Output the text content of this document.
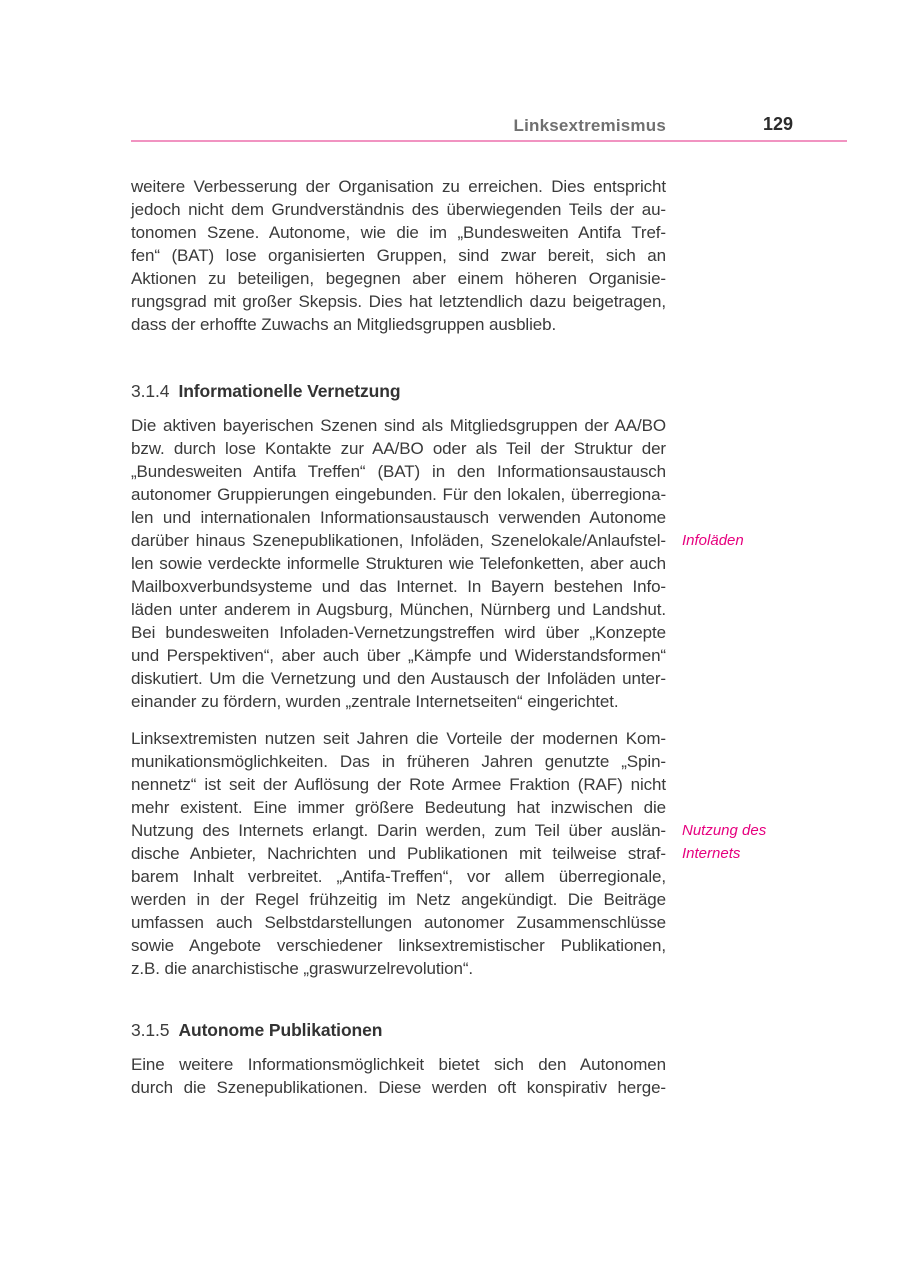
Linksextremismus	129
weitere Verbesserung der Organisation zu erreichen. Dies entspricht
jedoch nicht dem Grundverständnis des überwiegenden Teils der au-
tonomen Szene. Autonome, wie die im „Bundesweiten Antifa Tref-
fen“ (BAT) lose organisierten Gruppen, sind zwar bereit, sich an
Aktionen zu beteiligen, begegnen aber einem höheren Organisie-
rungsgrad mit großer Skepsis. Dies hat letztendlich dazu beigetragen,
dass der erhoffte Zuwachs an Mitgliedsgruppen ausblieb.
3.1.4 Informationelle Vernetzung
Die aktiven bayerischen Szenen sind als Mitgliedsgruppen der AA/BO
bzw. durch lose Kontakte zur AA/BO oder als Teil der Struktur der
„Bundesweiten Antifa Treffen“ (BAT) in den Informationsaustausch
autonomer Gruppierungen eingebunden. Für den lokalen, überregiona-
len und internationalen Informationsaustausch verwenden Autonome
darüber hinaus Szenepublikationen, Infoläden, Szenelokale/Anlaufstel-
len sowie verdeckte informelle Strukturen wie Telefonketten, aber auch
Mailboxverbundsysteme und das Internet. In Bayern bestehen Info-
läden unter anderem in Augsburg, München, Nürnberg und Landshut.
Bei bundesweiten Infoladen-Vernetzungstreffen wird über „Konzepte
und Perspektiven“, aber auch über „Kämpfe und Widerstandsformen“
diskutiert. Um die Vernetzung und den Austausch der Infoläden unter-
einander zu fördern, wurden „zentrale Internetseiten“ eingerichtet.
Linksextremisten nutzen seit Jahren die Vorteile der modernen Kom-
munikationsmöglichkeiten. Das in früheren Jahren genutzte „Spin-
nennetz“ ist seit der Auflösung der Rote Armee Fraktion (RAF) nicht
mehr existent. Eine immer größere Bedeutung hat inzwischen die
Nutzung des Internets erlangt. Darin werden, zum Teil über auslän-
dische Anbieter, Nachrichten und Publikationen mit teilweise straf-
barem Inhalt verbreitet. „Antifa-Treffen“, vor allem überregionale,
werden in der Regel frühzeitig im Netz angekündigt. Die Beiträge
umfassen auch Selbstdarstellungen autonomer Zusammenschlüsse
sowie Angebote verschiedener linksextremistischer Publikationen,
z.B. die anarchistische „graswurzelrevolution“.
3.1.5 Autonome Publikationen
Eine weitere Informationsmöglichkeit bietet sich den Autonomen
durch die Szenepublikationen. Diese werden oft konspirativ herge-
Infoläden
Nutzung des Internets
